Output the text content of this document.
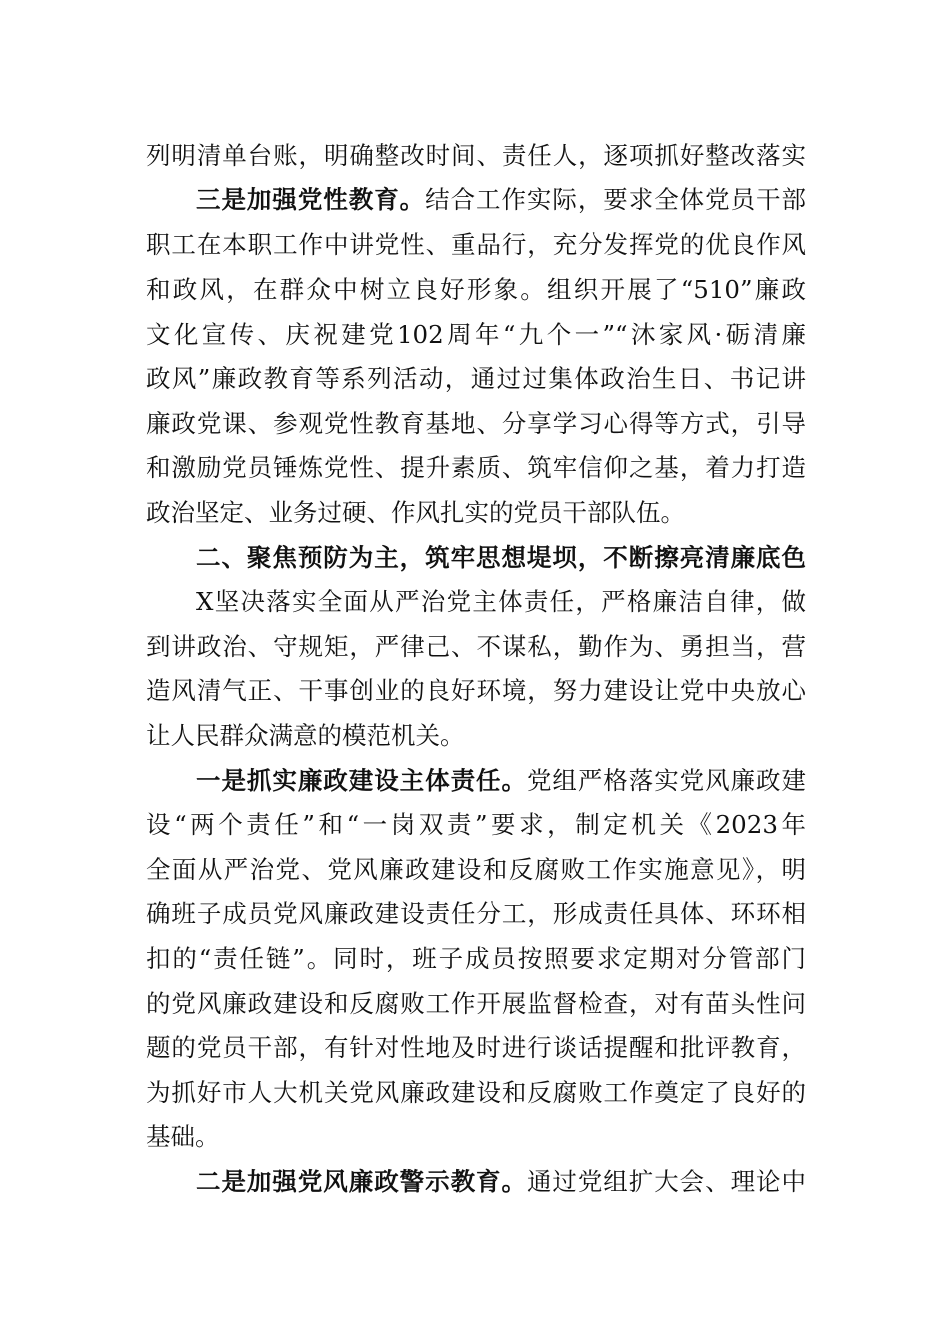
列明清单台账，明确整改时间、责任人，逐项抓好整改落实
三是加强党性教育。结合工作实际，要求全体党员干部
职工在本职工作中讲党性、重品行，充分发挥党的优良作风
和政风，在群众中树立良好形象。组织开展了“510”廉政
文化宣传、庆祝建党102周年“九个一”“沐家风·砺清廉
政风”廉政教育等系列活动，通过过集体政治生日、书记讲
廉政党课、参观党性教育基地、分享学习心得等方式，引导
和激励党员锤炼党性、提升素质、筑牢信仰之基，着力打造
政治坚定、业务过硬、作风扎实的党员干部队伍。
二、聚焦预防为主，筑牢思想堤坝，不断擦亮清廉底色
X坚决落实全面从严治党主体责任，严格廉洁自律，做
到讲政治、守规矩，严律己、不谋私，勤作为、勇担当，营
造风清气正、干事创业的良好环境，努力建设让党中央放心
让人民群众满意的模范机关。
一是抓实廉政建设主体责任。党组严格落实党风廉政建
设“两个责任”和“一岗双责”要求，制定机关《2023年
全面从严治党、党风廉政建设和反腐败工作实施意见》，明
确班子成员党风廉政建设责任分工，形成责任具体、环环相
扣的“责任链”。同时，班子成员按照要求定期对分管部门
的党风廉政建设和反腐败工作开展监督检查，对有苗头性问
题的党员干部，有针对性地及时进行谈话提醒和批评教育，
为抓好市人大机关党风廉政建设和反腐败工作奠定了良好的
基础。
二是加强党风廉政警示教育。通过党组扩大会、理论中
